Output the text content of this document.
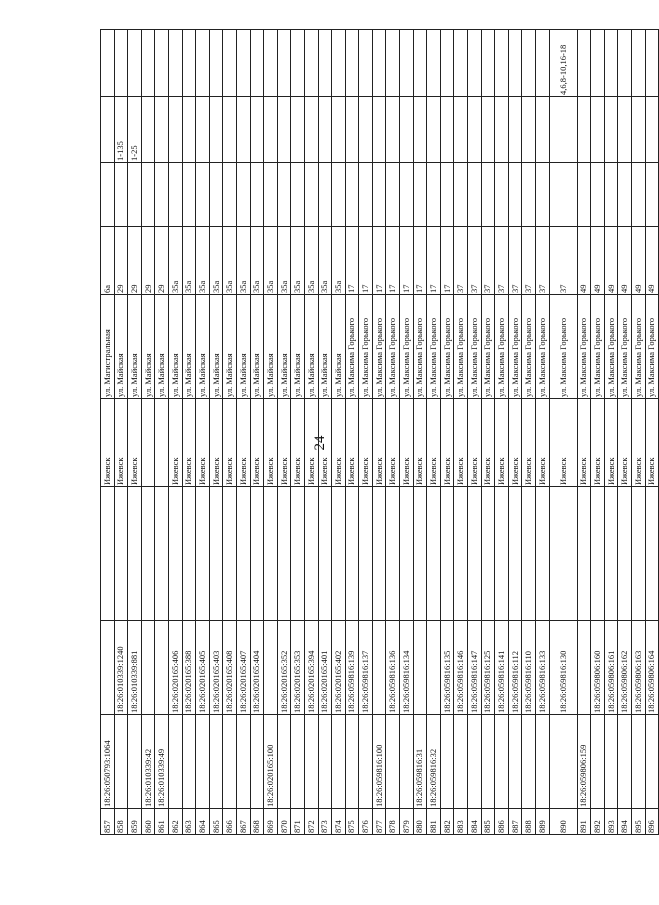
24
857	18:26:050793:1064			Ижевск	ул. Магистральная	6а			
858		18:26:010339:1240		Ижевск	ул. Майская	29		1-135	
859		18:26:010339:881		Ижевск	ул. Майская	29		1-25	
860	18:26:010339:42				ул. Майская	29			
861	18:26:010339:49				ул. Майская	29			
862		18:26:020165:406		Ижевск	ул. Майская	35а			
863		18:26:020165:388		Ижевск	ул. Майская	35а			
864		18:26:020165:405		Ижевск	ул. Майская	35а			
865		18:26:020165:403		Ижевск	ул. Майская	35а			
866		18:26:020165:408		Ижевск	ул. Майская	35а			
867		18:26:020165:407		Ижевск	ул. Майская	35а			
868		18:26:020165:404		Ижевск	ул. Майская	35а			
869	18:26:020165:100			Ижевск	ул. Майская	35а			
870		18:26:020165:352		Ижевск	ул. Майская	35а			
871		18:26:020165:353		Ижевск	ул. Майская	35а			
872		18:26:020165:394		Ижевск	ул. Майская	35а			
873		18:26:020165:401		Ижевск	ул. Майская	35а			
874		18:26:020165:402		Ижевск	ул. Майская	35а			
875		18:26:059816:139		Ижевск	ул. Максима Горького	17			
876		18:26:059816:137		Ижевск	ул. Максима Горького	17			
877	18:26:059816:100			Ижевск	ул. Максима Горького	17			
878		18:26:059816:136		Ижевск	ул. Максима Горького	17			
879		18:26:059816:134		Ижевск	ул. Максима Горького	17			
880	18:26:059816:31			Ижевск	ул. Максима Горького	17			
881	18:26:059816:32			Ижевск	ул. Максима Горького	17			
882		18:26:059816:135		Ижевск	ул. Максима Горького	17			
883		18:26:059816:146		Ижевск	ул. Максима Горького	37			
884		18:26:059816:147		Ижевск	ул. Максима Горького	37			
885		18:26:059816:125		Ижевск	ул. Максима Горького	37			
886		18:26:059816:141		Ижевск	ул. Максима Горького	37			
887		18:26:059816:112		Ижевск	ул. Максима Горького	37			
888		18:26:059816:110		Ижевск	ул. Максима Горького	37			
889		18:26:059816:133		Ижевск	ул. Максима Горького	37			
890		18:26:059816:130		Ижевск	ул. Максима Горького	37			4,6,8-10,16-18
891	18:26:059806:159			Ижевск	ул. Максима Горького	49			
892		18:26:059806:160		Ижевск	ул. Максима Горького	49			
893		18:26:059806:161		Ижевск	ул. Максима Горького	49			
894		18:26:059806:162		Ижевск	ул. Максима Горького	49			
895		18:26:059806:163		Ижевск	ул. Максима Горького	49			
896		18:26:059806:164		Ижевск	ул. Максима Горького	49			
